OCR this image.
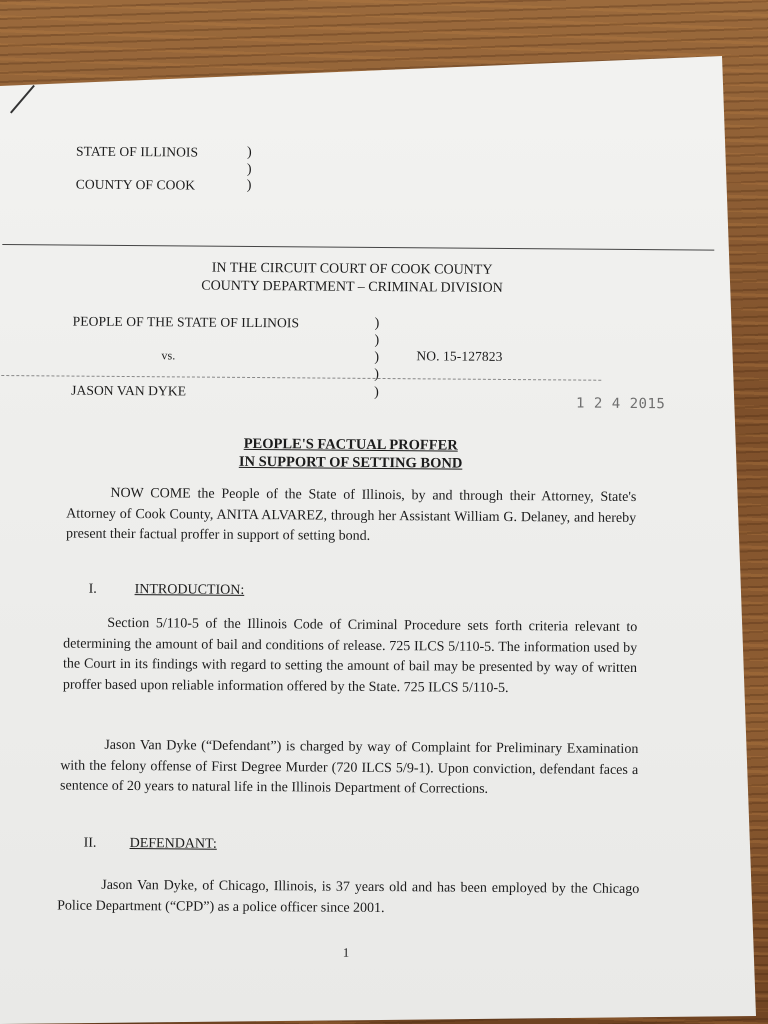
STATE OF ILLINOIS
COUNTY OF COOK
)
)
)
IN THE CIRCUIT COURT OF COOK COUNTY
COUNTY DEPARTMENT – CRIMINAL DIVISION
PEOPLE OF THE STATE OF ILLINOIS
vs.
JASON VAN DYKE
NO. 15-127823
)
)
)
)
)
1 2 4 2015
PEOPLE'S FACTUAL PROFFER
IN SUPPORT OF SETTING BOND
NOW COME the People of the State of Illinois, by and through their Attorney, State's Attorney of Cook County, ANITA ALVAREZ, through her Assistant William G. Delaney, and hereby present their factual proffer in support of setting bond.
I.	INTRODUCTION:
Section 5/110-5 of the Illinois Code of Criminal Procedure sets forth criteria relevant to determining the amount of bail and conditions of release. 725 ILCS 5/110-5. The information used by the Court in its findings with regard to setting the amount of bail may be presented by way of written proffer based upon reliable information offered by the State. 725 ILCS 5/110-5.
Jason Van Dyke (“Defendant”) is charged by way of Complaint for Preliminary Examination with the felony offense of First Degree Murder (720 ILCS 5/9-1). Upon conviction, defendant faces a sentence of 20 years to natural life in the Illinois Department of Corrections.
II. DEFENDANT:
Jason Van Dyke, of Chicago, Illinois, is 37 years old and has been employed by the Chicago Police Department (“CPD”) as a police officer since 2001.
1
